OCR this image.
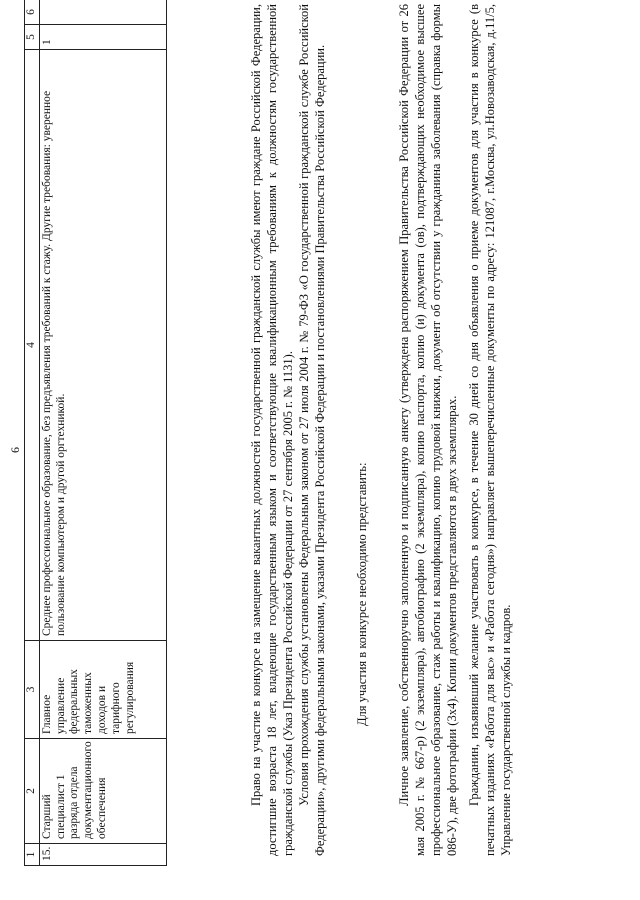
6
1	2	3	4	5	6
15.	Старший специалист 1 разряда отдела документационного обеспечения	Главное управление федеральных таможенных доходов и тарифного регулирования	Среднее профессиональное образование, без предъявления требований к стажу. Другие требования: уверенное пользование компьютером и другой оргтехникой.	1		Право на участие в конкурсе на замещение вакантных должностей государственной гражданской службы имеют граждане Российской Федерации, достигшие возраста 18 лет, владеющие государственным языком и соответствующие квалификационным требованиям к должностям государственной гражданской службы (Указ Президента Российской Федерации от 27 сентября 2005 г. № 1131). Условия прохождения службы установлены Федеральным законом от 27 июля 2004 г. № 79-ФЗ «О государственной гражданской службе Российской Федерации», другими федеральными законами, указами Президента Российской Федерации и постановлениями Правительства Российской Федерации. Для участия в конкурсе необходимо представить: Личное заявление, собственноручно заполненную и подписанную анкету (утверждена распоряжением Правительства Российской Федерации от 26 мая 2005 г. № 667-р) (2 экземпляра), автобиографию (2 экземпляра), копию паспорта, копию (и) документа (ов), подтверждающих необходимое высшее профессиональное образование, стаж работы и квалификацию, копию трудовой книжки, документ об отсутствии у гражданина заболевания (справка формы 086-У), две фотографии (3х4). Копии документов представляются в двух экземплярах. Гражданин, изъявивший желание участвовать в конкурсе, в течение 30 дней со дня объявления о приеме документов для участия в конкурсе (в печатных изданиях «Работа для вас» и «Работа сегодня») направляет вышеперечисленные документы по адресу: 121087, г.Москва, ул.Новозаводская, д.11/5, Управление государственной службы и кадров.
